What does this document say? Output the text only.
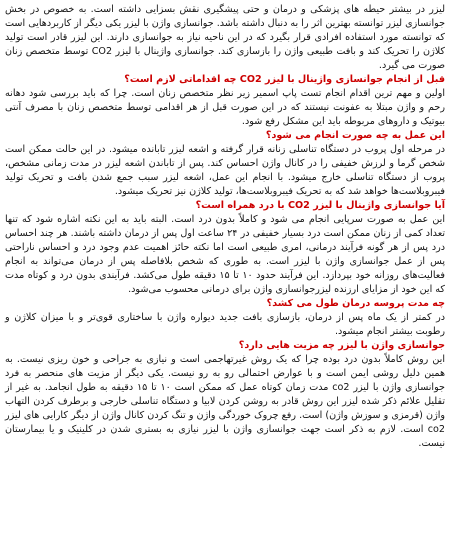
لیزر در بیشتر حیطه های پزشکی و درمان و حتی پیشگیری نقش بسزایی داشته است. به خصوص در بخش جوانسازی لیزر توانسته بهترین اثر را به دنبال داشته باشد. جوانسازی واژن با لیزر یکی دیگر از کاربردهایی است که توانسته مورد استفاده افرادی قرار بگیرد که در این ناحیه نیاز به جوانسازی دارند. این لیزر قادر است تولید کلاژن را تحریک کند و بافت طبیعی واژن را بازسازی کند. جوانسازی واژینال با لیزر CO2 توسط متخصص زنان صورت می گیرد.

قبل از انجام جوانسازی واژینال با لیزر CO2 چه اقداماتی لازم است؟

اولین و مهم ترین اقدام انجام تست پاپ اسمیر زیر نظر متخصص زنان است. چرا که باید بررسی شود دهانه رحم و واژن مبتلا به عفونت نیستند که در این صورت قبل از هر اقدامی توسط متخصص زنان با مصرف آنتی بیوتیک و داروهای مربوطه باید این مشکل رفع شود.

این عمل به چه صورت انجام می شود؟

در مرحله اول پروب در دستگاه تناسلی زنانه قرار گرفته و اشعه لیزر تابانده میشود. در این حالت ممکن است شخص گرما و لرزش خفیفی را در کانال واژن احساس کند. پس از تاباندن اشعه لیزر در مدت زمانی مشخص، پروب از دستگاه تناسلی خارج میشود. با انجام این عمل، اشعه لیزر سبب جمع شدن بافت و تحریک تولید فیبروبلاست‌ها خواهد شد که به تحریک فیبروبلاست‌ها، تولید کلاژن نیز تحریک میشود.

آیا جوانسازی واژینال با لیزر CO2 با درد همراه است؟

این عمل به صورت سرپایی انجام می شود و کاملاً بدون درد است. البته باید به این نکته اشاره شود که تنها تعداد کمی از زنان ممکن است درد بسیار خفیفی در ۲۴ ساعت اول پس از درمان داشته باشند. هر چند احساس درد پس از هر گونه فرآیند درمانی، امری طبیعی است اما نکته حائز اهمیت عدم وجود درد و احساس ناراحتی پس از عمل جوانسازی واژن با لیزر است. به طوری که شخص بلافاصله پس از درمان می‌تواند به انجام فعالیت‌های روزانه خود بپردازد. این فرآیند حدود ۱۰ تا ۱۵ دقیقه طول می‌کشد. فرآیندی بدون درد و کوتاه مدت که این خود از مزایای ارزنده لیزرجوانسازی واژن برای درمانی محسوب می‌شود.

چه مدت پروسه درمان طول می کشد؟

در کمتر از یک ماه پس از درمان، بازسازی بافت جدید دیواره واژن با ساختاری قوی‌تر و با میزان کلاژن و رطوبت بیشتر انجام میشود.

جوانسازی واژن با لیزر چه مزیت هایی دارد؟

این روش کاملاً بدون درد بوده چرا که یک روش غیرتهاجمی است و نیازی به جراحی و خون ریزی نیست. به همین دلیل روشی ایمن است و با عوارض احتمالی رو به رو نیست. یکی دیگر از مزیت های منحصر به فرد جوانسازی واژن با لیزر co2 مدت زمان کوتاه عمل که ممکن است ۱۰ تا ۱۵ دقیقه به طول انجامد. به غیر از تقلیل علائم ذکر شده لیزر این روش قادر به روشن کردن لابیا و دستگاه تناسلی خارجی و برطرف کردن التهاب واژن (قرمزی و سوزش واژن) است. رفع چروک خوردگی واژن و تنگ کردن کانال واژن از دیگر کارایی های لیزر co2 است. لازم به ذکر است جهت جوانسازی واژن با لیزر نیازی به بستری شدن در کلینیک و یا بیمارستان نیست.
